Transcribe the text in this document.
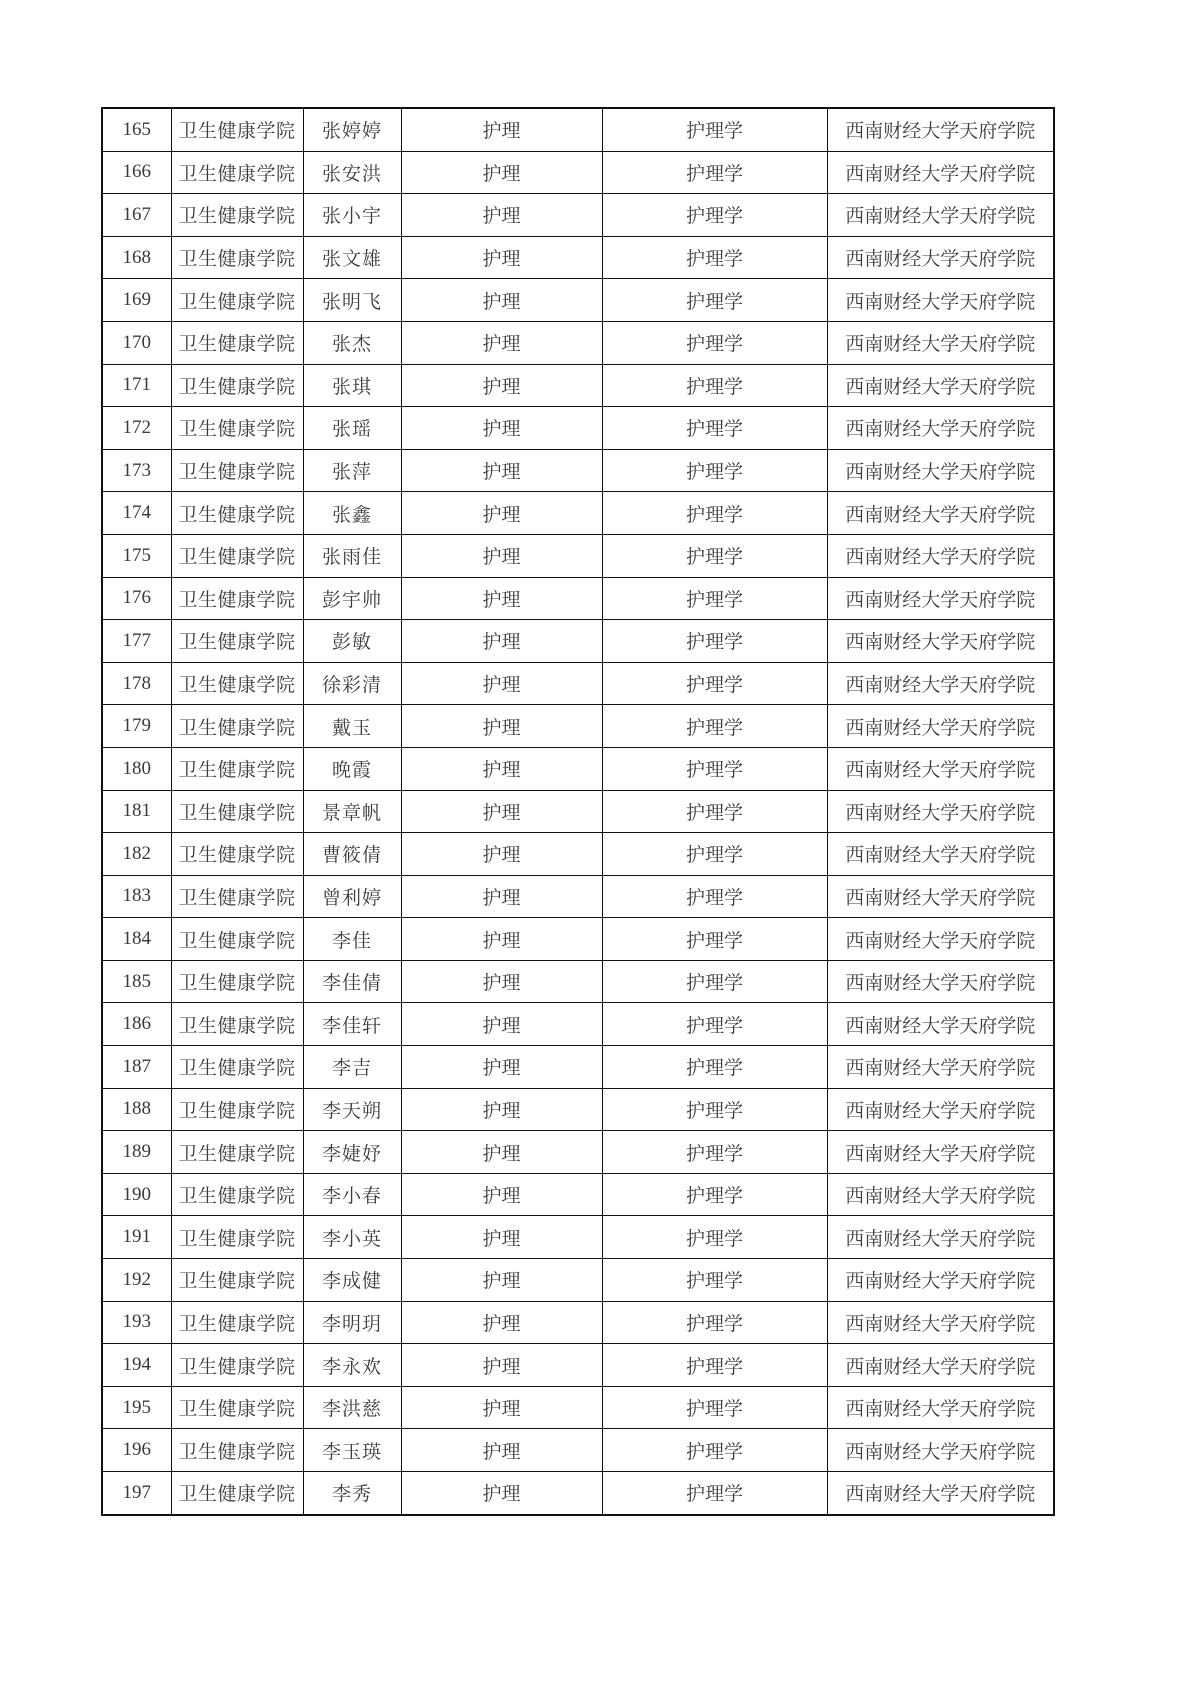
165	卫生健康学院	张婷婷	护理	护理学	西南财经大学天府学院
166	卫生健康学院	张安洪	护理	护理学	西南财经大学天府学院
167	卫生健康学院	张小宇	护理	护理学	西南财经大学天府学院
168	卫生健康学院	张文雄	护理	护理学	西南财经大学天府学院
169	卫生健康学院	张明飞	护理	护理学	西南财经大学天府学院
170	卫生健康学院	张杰	护理	护理学	西南财经大学天府学院
171	卫生健康学院	张琪	护理	护理学	西南财经大学天府学院
172	卫生健康学院	张瑶	护理	护理学	西南财经大学天府学院
173	卫生健康学院	张萍	护理	护理学	西南财经大学天府学院
174	卫生健康学院	张鑫	护理	护理学	西南财经大学天府学院
175	卫生健康学院	张雨佳	护理	护理学	西南财经大学天府学院
176	卫生健康学院	彭宇帅	护理	护理学	西南财经大学天府学院
177	卫生健康学院	彭敏	护理	护理学	西南财经大学天府学院
178	卫生健康学院	徐彩清	护理	护理学	西南财经大学天府学院
179	卫生健康学院	戴玉	护理	护理学	西南财经大学天府学院
180	卫生健康学院	晚霞	护理	护理学	西南财经大学天府学院
181	卫生健康学院	景章帆	护理	护理学	西南财经大学天府学院
182	卫生健康学院	曹筱倩	护理	护理学	西南财经大学天府学院
183	卫生健康学院	曾利婷	护理	护理学	西南财经大学天府学院
184	卫生健康学院	李佳	护理	护理学	西南财经大学天府学院
185	卫生健康学院	李佳倩	护理	护理学	西南财经大学天府学院
186	卫生健康学院	李佳轩	护理	护理学	西南财经大学天府学院
187	卫生健康学院	李吉	护理	护理学	西南财经大学天府学院
188	卫生健康学院	李天朔	护理	护理学	西南财经大学天府学院
189	卫生健康学院	李婕妤	护理	护理学	西南财经大学天府学院
190	卫生健康学院	李小春	护理	护理学	西南财经大学天府学院
191	卫生健康学院	李小英	护理	护理学	西南财经大学天府学院
192	卫生健康学院	李成健	护理	护理学	西南财经大学天府学院
193	卫生健康学院	李明玥	护理	护理学	西南财经大学天府学院
194	卫生健康学院	李永欢	护理	护理学	西南财经大学天府学院
195	卫生健康学院	李洪慈	护理	护理学	西南财经大学天府学院
196	卫生健康学院	李玉瑛	护理	护理学	西南财经大学天府学院
197	卫生健康学院	李秀	护理	护理学	西南财经大学天府学院
